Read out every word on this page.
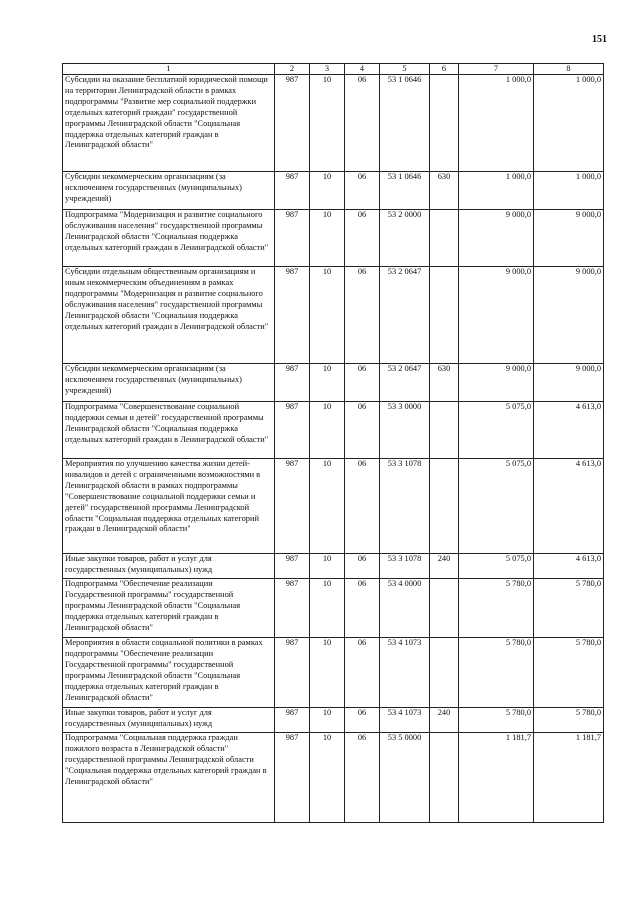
151
1	2	3	4	5	6	7	8
Субсидии на оказание бесплатной юридической помощи на территории Ленинградской области в рамках подпрограммы "Развитие мер социальной поддержки отдельных категорий граждан" государственной программы Ленинградской области "Социальная поддержка отдельных категорий граждан в Ленинградской области"	987	10	06	53 1 0646		1 000,0	1 000,0
Субсидии некоммерческим организациям (за исключением государственных (муниципальных) учреждений)	987	10	06	53 1 0646	630	1 000,0	1 000,0
Подпрограмма "Модернизация и развитие социального обслуживания населения" государственной программы Ленинградской области "Социальная поддержка отдельных категорий граждан в Ленинградской области"	987	10	06	53 2 0000		9 000,0	9 000,0
Субсидии отдельным общественным организациям и иным некоммерческим объединениям в рамках подпрограммы "Модернизация и развитие социального обслуживания населения" государственной программы Ленинградской области "Социальная поддержка отдельных категорий граждан в Ленинградской области"	987	10	06	53 2 0647		9 000,0	9 000,0
Субсидии некоммерческим организациям (за исключением государственных (муниципальных) учреждений)	987	10	06	53 2 0647	630	9 000,0	9 000,0
Подпрограмма "Совершенствование социальной поддержки семьи и детей" государственной программы Ленинградской области "Социальная поддержка отдельных категорий граждан в Ленинградской области"	987	10	06	53 3 0000		5 075,0	4 613,0
Мероприятия по улучшению качества жизни детей-инвалидов и детей с ограниченными возможностями в Ленинградской области в рамках подпрограммы "Совершенствование социальной поддержки семьи и детей" государственной программы Ленинградской области "Социальная поддержка отдельных категорий граждан в Ленинградской области"	987	10	06	53 3 1078		5 075,0	4 613,0
Иные закупки товаров, работ и услуг для государственных (муниципальных) нужд	987	10	06	53 3 1078	240	5 075,0	4 613,0
Подпрограмма "Обеспечение реализации Государственной программы" государственной программы Ленинградской области "Социальная поддержка отдельных категорий граждан в Ленинградской области"	987	10	06	53 4 0000		5 780,0	5 780,0
Мероприятия в области социальной политики в рамках подпрограммы "Обеспечение реализации Государственной программы" государственной программы Ленинградской области "Социальная поддержка отдельных категорий граждан в Ленинградской области"	987	10	06	53 4 1073		5 780,0	5 780,0
Иные закупки товаров, работ и услуг для государственных (муниципальных) нужд	987	10	06	53 4 1073	240	5 780,0	5 780,0
Подпрограмма "Социальная поддержка граждан пожилого возраста в Ленинградской области" государственной программы Ленинградской области "Социальная поддержка отдельных категорий граждан в Ленинградской области"	987	10	06	53 5 0000		1 181,7	1 181,7
